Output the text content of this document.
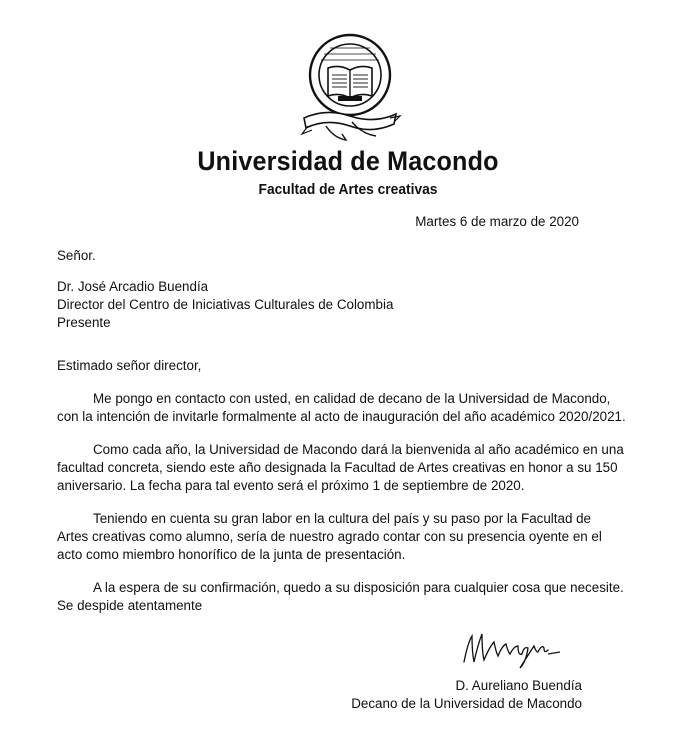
Universidad de Macondo
Facultad de Artes creativas
Martes 6 de marzo de 2020
Señor.
Dr. José Arcadio Buendía
Director del Centro de Iniciativas Culturales de Colombia
Presente
Estimado señor director,
Me pongo en contacto con usted, en calidad de decano de la Universidad de Macondo,
con la intención de invitarle formalmente al acto de inauguración del año académico 2020/2021.
Como cada año, la Universidad de Macondo dará la bienvenida al año académico en una
facultad concreta, siendo este año designada la Facultad de Artes creativas en honor a su 150
aniversario. La fecha para tal evento será el próximo 1 de septiembre de 2020.
Teniendo en cuenta su gran labor en la cultura del país y su paso por la Facultad de
Artes creativas como alumno, sería de nuestro agrado contar con su presencia oyente en el
acto como miembro honorífico de la junta de presentación.
A la espera de su confirmación, quedo a su disposición para cualquier cosa que necesite.
Se despide atentamente
D. Aureliano Buendía
Decano de la Universidad de Macondo
